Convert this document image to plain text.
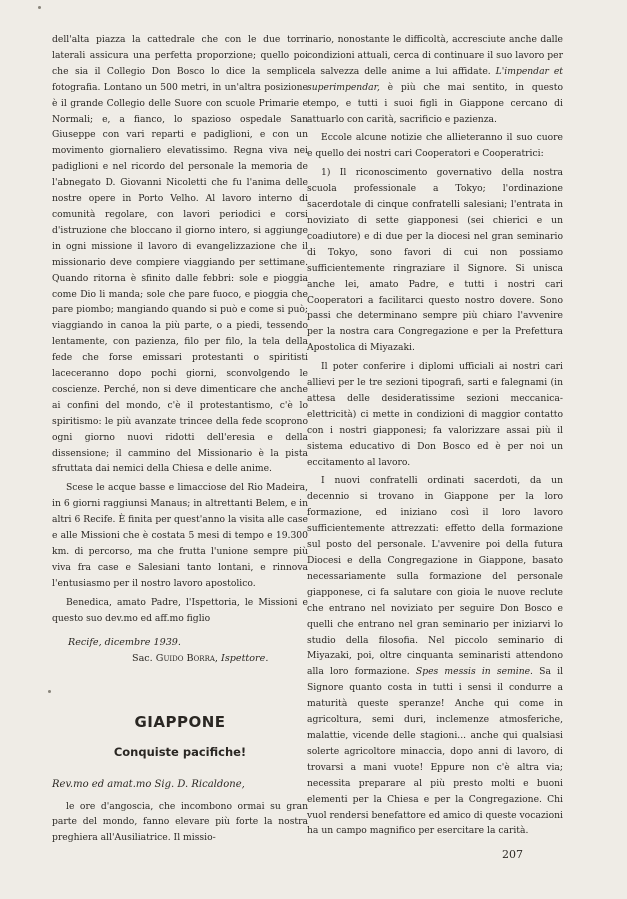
dell'alta piazza la cattedrale che con le due torri laterali assicura una perfetta proporzione; quello poi che sia il Collegio Don Bosco lo dice la semplice fotografia. Lontano un 500 metri, in un'altra posizione è il grande Collegio delle Suore con scuole Primarie e Normali; e, a fianco, lo spazioso ospedale San Giuseppe con vari reparti e padiglioni, e con un movimento giornaliero elevatissimo. Regna viva nei padiglioni e nel ricordo del personale la memoria de l'abnegato D. Giovanni Nicoletti che fu l'anima delle nostre opere in Porto Velho. Al lavoro interno di comunità regolare, con lavori periodici e corsi d'istruzione che bloccano il giorno intero, si aggiunge in ogni missione il lavoro di evangelizzazione che il missionario deve compiere viaggiando per settimane. Quando ritorna è sfinito dalle febbri: sole e pioggia come Dio li manda; sole che pare fuoco, e pioggia che pare piombo; mangiando quando si può e come si può; viaggiando in canoa la più parte, o a piedi, tessendo lentamente, con pazienza, filo per filo, la tela della fede che forse emissari protestanti o spiritisti laceceranno dopo pochi giorni, sconvolgendo le coscienze. Perché, non si deve dimenticare che anche ai confini del mondo, c'è il protestantismo, c'è lo spiritismo: le più avanzate trincee della fede scoprono ogni giorno nuovi ridotti dell'eresia e della dissensione; il cammino del Missionario è la pista sfruttata dai nemici della Chiesa e delle anime.

Scese le acque basse e limacciose del Rio Madeira, in 6 giorni raggiunsi Manaus; in altrettanti Belem, e in altri 6 Recife. È finita per quest'anno la visita alle case e alle Missioni che è costata 5 mesi di tempo e 19.300 km. di percorso, ma che frutta l'unione sempre più viva fra case e Salesiani tanto lontani, e rinnova l'entusiasmo per il nostro lavoro apostolico.

Benedica, amato Padre, l'Ispettoria, le Missioni e questo suo dev.mo ed aff.mo figlio

Recife, dicembre 1939.
Sac. Guido Borra, Ispettore.
GIAPPONE
Conquiste pacifiche!

Rev.mo ed amat.mo Sig. D. Ricaldone,

le ore d'angoscia, che incombono ormai su gran parte del mondo, fanno elevare più forte la nostra preghiera all'Ausiliatrice. Il missio-

nario, nonostante le difficoltà, accresciute anche dalle condizioni attuali, cerca di continuare il suo lavoro per la salvezza delle anime a lui affidate. L'impendar et superimpendar, è più che mai sentito, in questo tempo, e tutti i suoi figli in Giappone cercano di attuarlo con carità, sacrificio e pazienza.

Eccole alcune notizie che allieteranno il suo cuore e quello dei nostri cari Cooperatori e Cooperatrici:

1) Il riconoscimento governativo della nostra scuola professionale a Tokyo; l'ordinazione sacerdotale di cinque confratelli salesiani; l'entrata in noviziato di sette giapponesi (sei chierici e un coadiutore) e di due per la diocesi nel gran seminario di Tokyo, sono favori di cui non possiamo sufficientemente ringraziare il Signore. Si unisca anche lei, amato Padre, e tutti i nostri cari Cooperatori a facilitarci questo nostro dovere. Sono passi che determinano sempre più chiaro l'avvenire per la nostra cara Congregazione e per la Prefettura Apostolica di Miyazaki.

Il poter conferire i diplomi ufficiali ai nostri cari allievi per le tre sezioni tipografi, sarti e falegnami (in attesa delle desideratissime sezioni meccanica-elettricità) ci mette in condizioni di maggior contatto con i nostri giapponesi; fa valorizzare assai più il sistema educativo di Don Bosco ed è per noi un eccitamento al lavoro.

I nuovi confratelli ordinati sacerdoti, da un decennio si trovano in Giappone per la loro formazione, ed iniziano così il loro lavoro sufficientemente attrezzati: effetto della formazione sul posto del personale. L'avvenire poi della futura Diocesi e della Congregazione in Giappone, basato necessariamente sulla formazione del personale giapponese, ci fa salutare con gioia le nuove reclute che entrano nel noviziato per seguire Don Bosco e quelli che entrano nel gran seminario per iniziarvi lo studio della filosofia. Nel piccolo seminario di Miyazaki, poi, oltre cinquanta seminaristi attendono alla loro formazione. Spes messis in semine. Sa il Signore quanto costa in tutti i sensi il condurre a maturità queste speranze! Anche qui come in agricoltura, semi duri, inclemenze atmosferiche, malattie, vicende delle stagioni... anche qui qualsiasi solerte agricoltore minaccia, dopo anni di lavoro, di trovarsi a mani vuote! Eppure non c'è altra via; necessita preparare al più presto molti e buoni elementi per la Chiesa e per la Congregazione. Chi vuol rendersi benefattore ed amico di queste vocazioni ha un campo magnifico per esercitare la carità.

207
